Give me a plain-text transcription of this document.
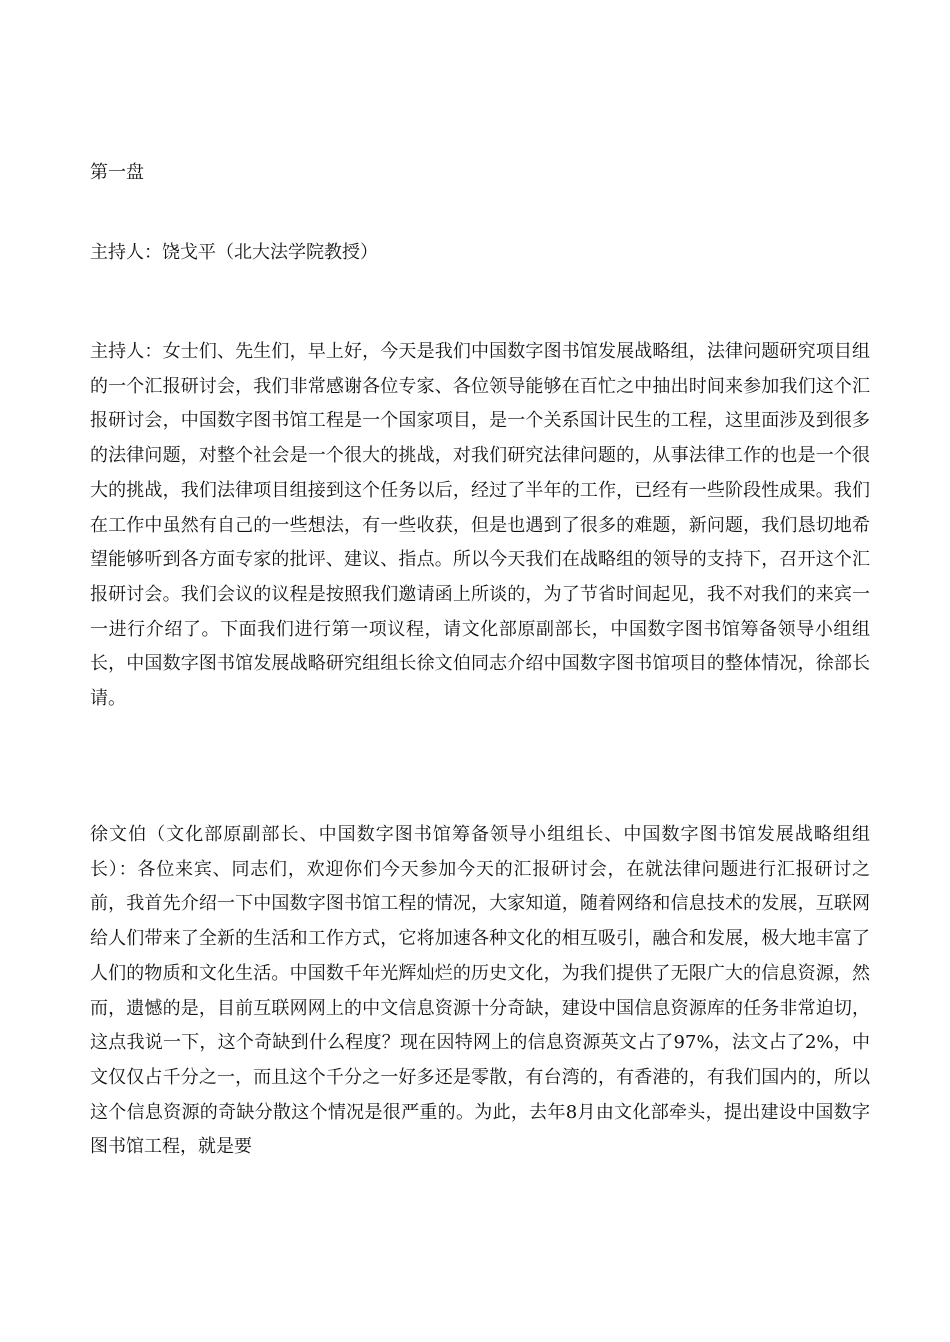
第一盘
主持人：饶戈平（北大法学院教授）

主持人：女士们、先生们，早上好，今天是我们中国数字图书馆发展战略组，法律问题研究项目组的一个汇报研讨会，我们非常感谢各位专家、各位领导能够在百忙之中抽出时间来参加我们这个汇报研讨会，中国数字图书馆工程是一个国家项目，是一个关系国计民生的工程，这里面涉及到很多的法律问题，对整个社会是一个很大的挑战，对我们研究法律问题的，从事法律工作的也是一个很大的挑战，我们法律项目组接到这个任务以后，经过了半年的工作，已经有一些阶段性成果。我们在工作中虽然有自己的一些想法，有一些收获，但是也遇到了很多的难题，新问题，我们恳切地希望能够听到各方面专家的批评、建议、指点。所以今天我们在战略组的领导的支持下，召开这个汇报研讨会。我们会议的议程是按照我们邀请函上所谈的，为了节省时间起见，我不对我们的来宾一一进行介绍了。下面我们进行第一项议程，请文化部原副部长，中国数字图书馆筹备领导小组组长，中国数字图书馆发展战略研究组组长徐文伯同志介绍中国数字图书馆项目的整体情况，徐部长请。

徐文伯（文化部原副部长、中国数字图书馆筹备领导小组组长、中国数字图书馆发展战略组组长）：各位来宾、同志们，欢迎你们今天参加今天的汇报研讨会，在就法律问题进行汇报研讨之前，我首先介绍一下中国数字图书馆工程的情况，大家知道，随着网络和信息技术的发展，互联网给人们带来了全新的生活和工作方式，它将加速各种文化的相互吸引，融合和发展，极大地丰富了人们的物质和文化生活。中国数千年光辉灿烂的历史文化，为我们提供了无限广大的信息资源，然而，遗憾的是，目前互联网网上的中文信息资源十分奇缺，建设中国信息资源库的任务非常迫切，这点我说一下，这个奇缺到什么程度？现在因特网上的信息资源英文占了97%，法文占了2%，中文仅仅占千分之一，而且这个千分之一好多还是零散，有台湾的，有香港的，有我们国内的，所以这个信息资源的奇缺分散这个情况是很严重的。为此，去年8月由文化部牵头，提出建设中国数字图书馆工程，就是要
